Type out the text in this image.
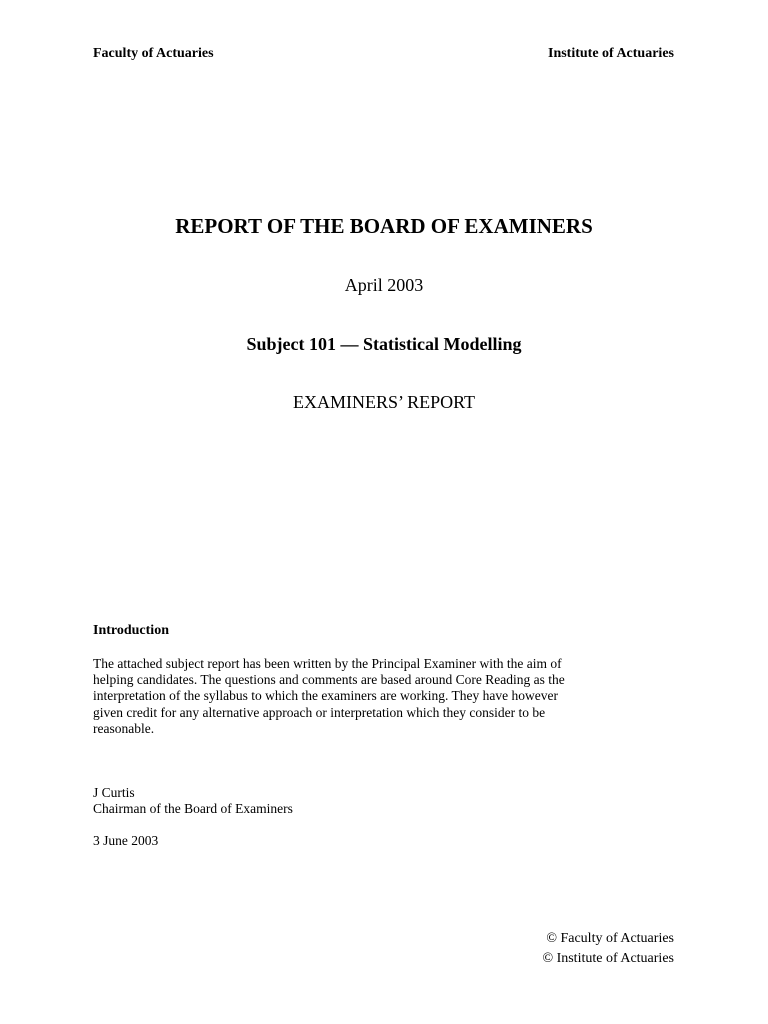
Faculty of Actuaries	Institute of Actuaries
REPORT OF THE BOARD OF EXAMINERS
April 2003
Subject 101 — Statistical Modelling
EXAMINERS’ REPORT
Introduction
The attached subject report has been written by the Principal Examiner with the aim of
helping candidates. The questions and comments are based around Core Reading as the
interpretation of the syllabus to which the examiners are working. They have however
given credit for any alternative approach or interpretation which they consider to be
reasonable.
J Curtis
Chairman of the Board of Examiners
3 June 2003
© Faculty of Actuaries
© Institute of Actuaries
